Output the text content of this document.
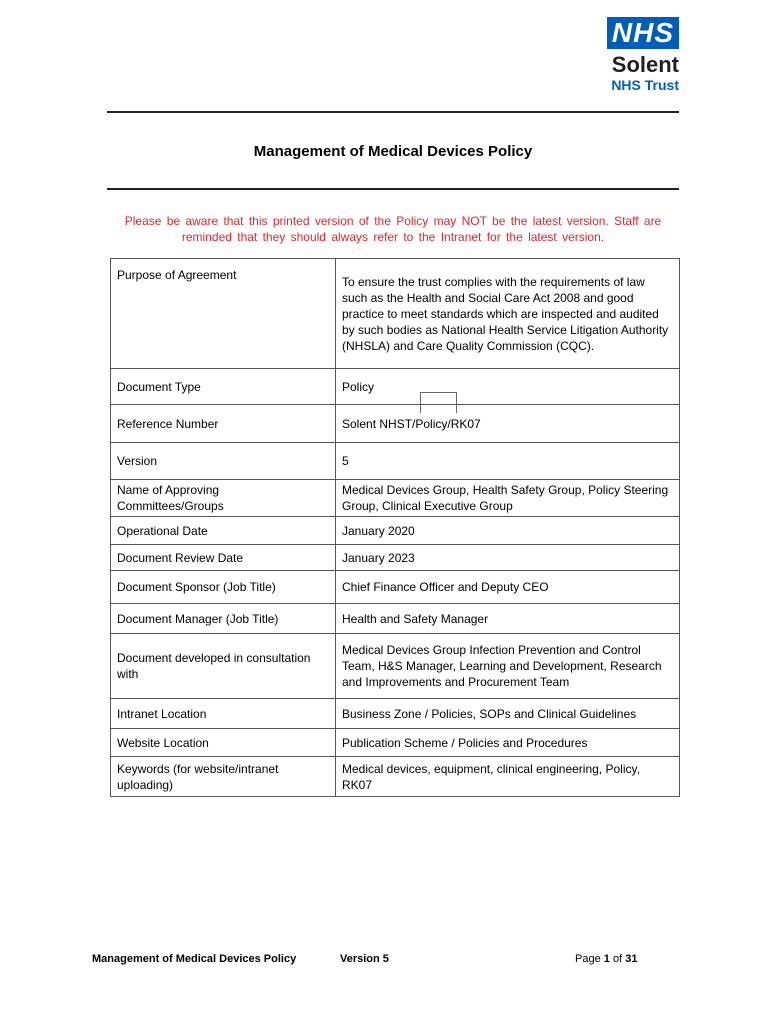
NHS
Solent
NHS Trust
Management of Medical Devices Policy
Please be aware that this printed version of the Policy may NOT be the latest version. Staff are reminded that they should always refer to the Intranet for the latest version.
Purpose of Agreement	To ensure the trust complies with the requirements of law such as the Health and Social Care Act 2008 and good practice to meet standards which are inspected and audited by such bodies as National Health Service Litigation Authority (NHSLA) and Care Quality Commission (CQC).
Document Type	Policy
Reference Number	Solent NHST/Policy/RK07
Version	5
Name of Approving Committees/Groups	Medical Devices Group, Health Safety Group, Policy Steering Group, Clinical Executive Group
Operational Date	January 2020
Document Review Date	January 2023
Document Sponsor (Job Title)	Chief Finance Officer and Deputy CEO
Document Manager (Job Title)	Health and Safety Manager
Document developed in consultation with	Medical Devices Group Infection Prevention and Control Team, H&S Manager, Learning and Development, Research and Improvements and Procurement Team
Intranet Location	Business Zone / Policies, SOPs and Clinical Guidelines
Website Location	Publication Scheme / Policies and Procedures
Keywords (for website/intranet uploading)	Medical devices, equipment, clinical engineering, Policy, RK07
Management of Medical Devices Policy	Version 5	Page 1 of 31
